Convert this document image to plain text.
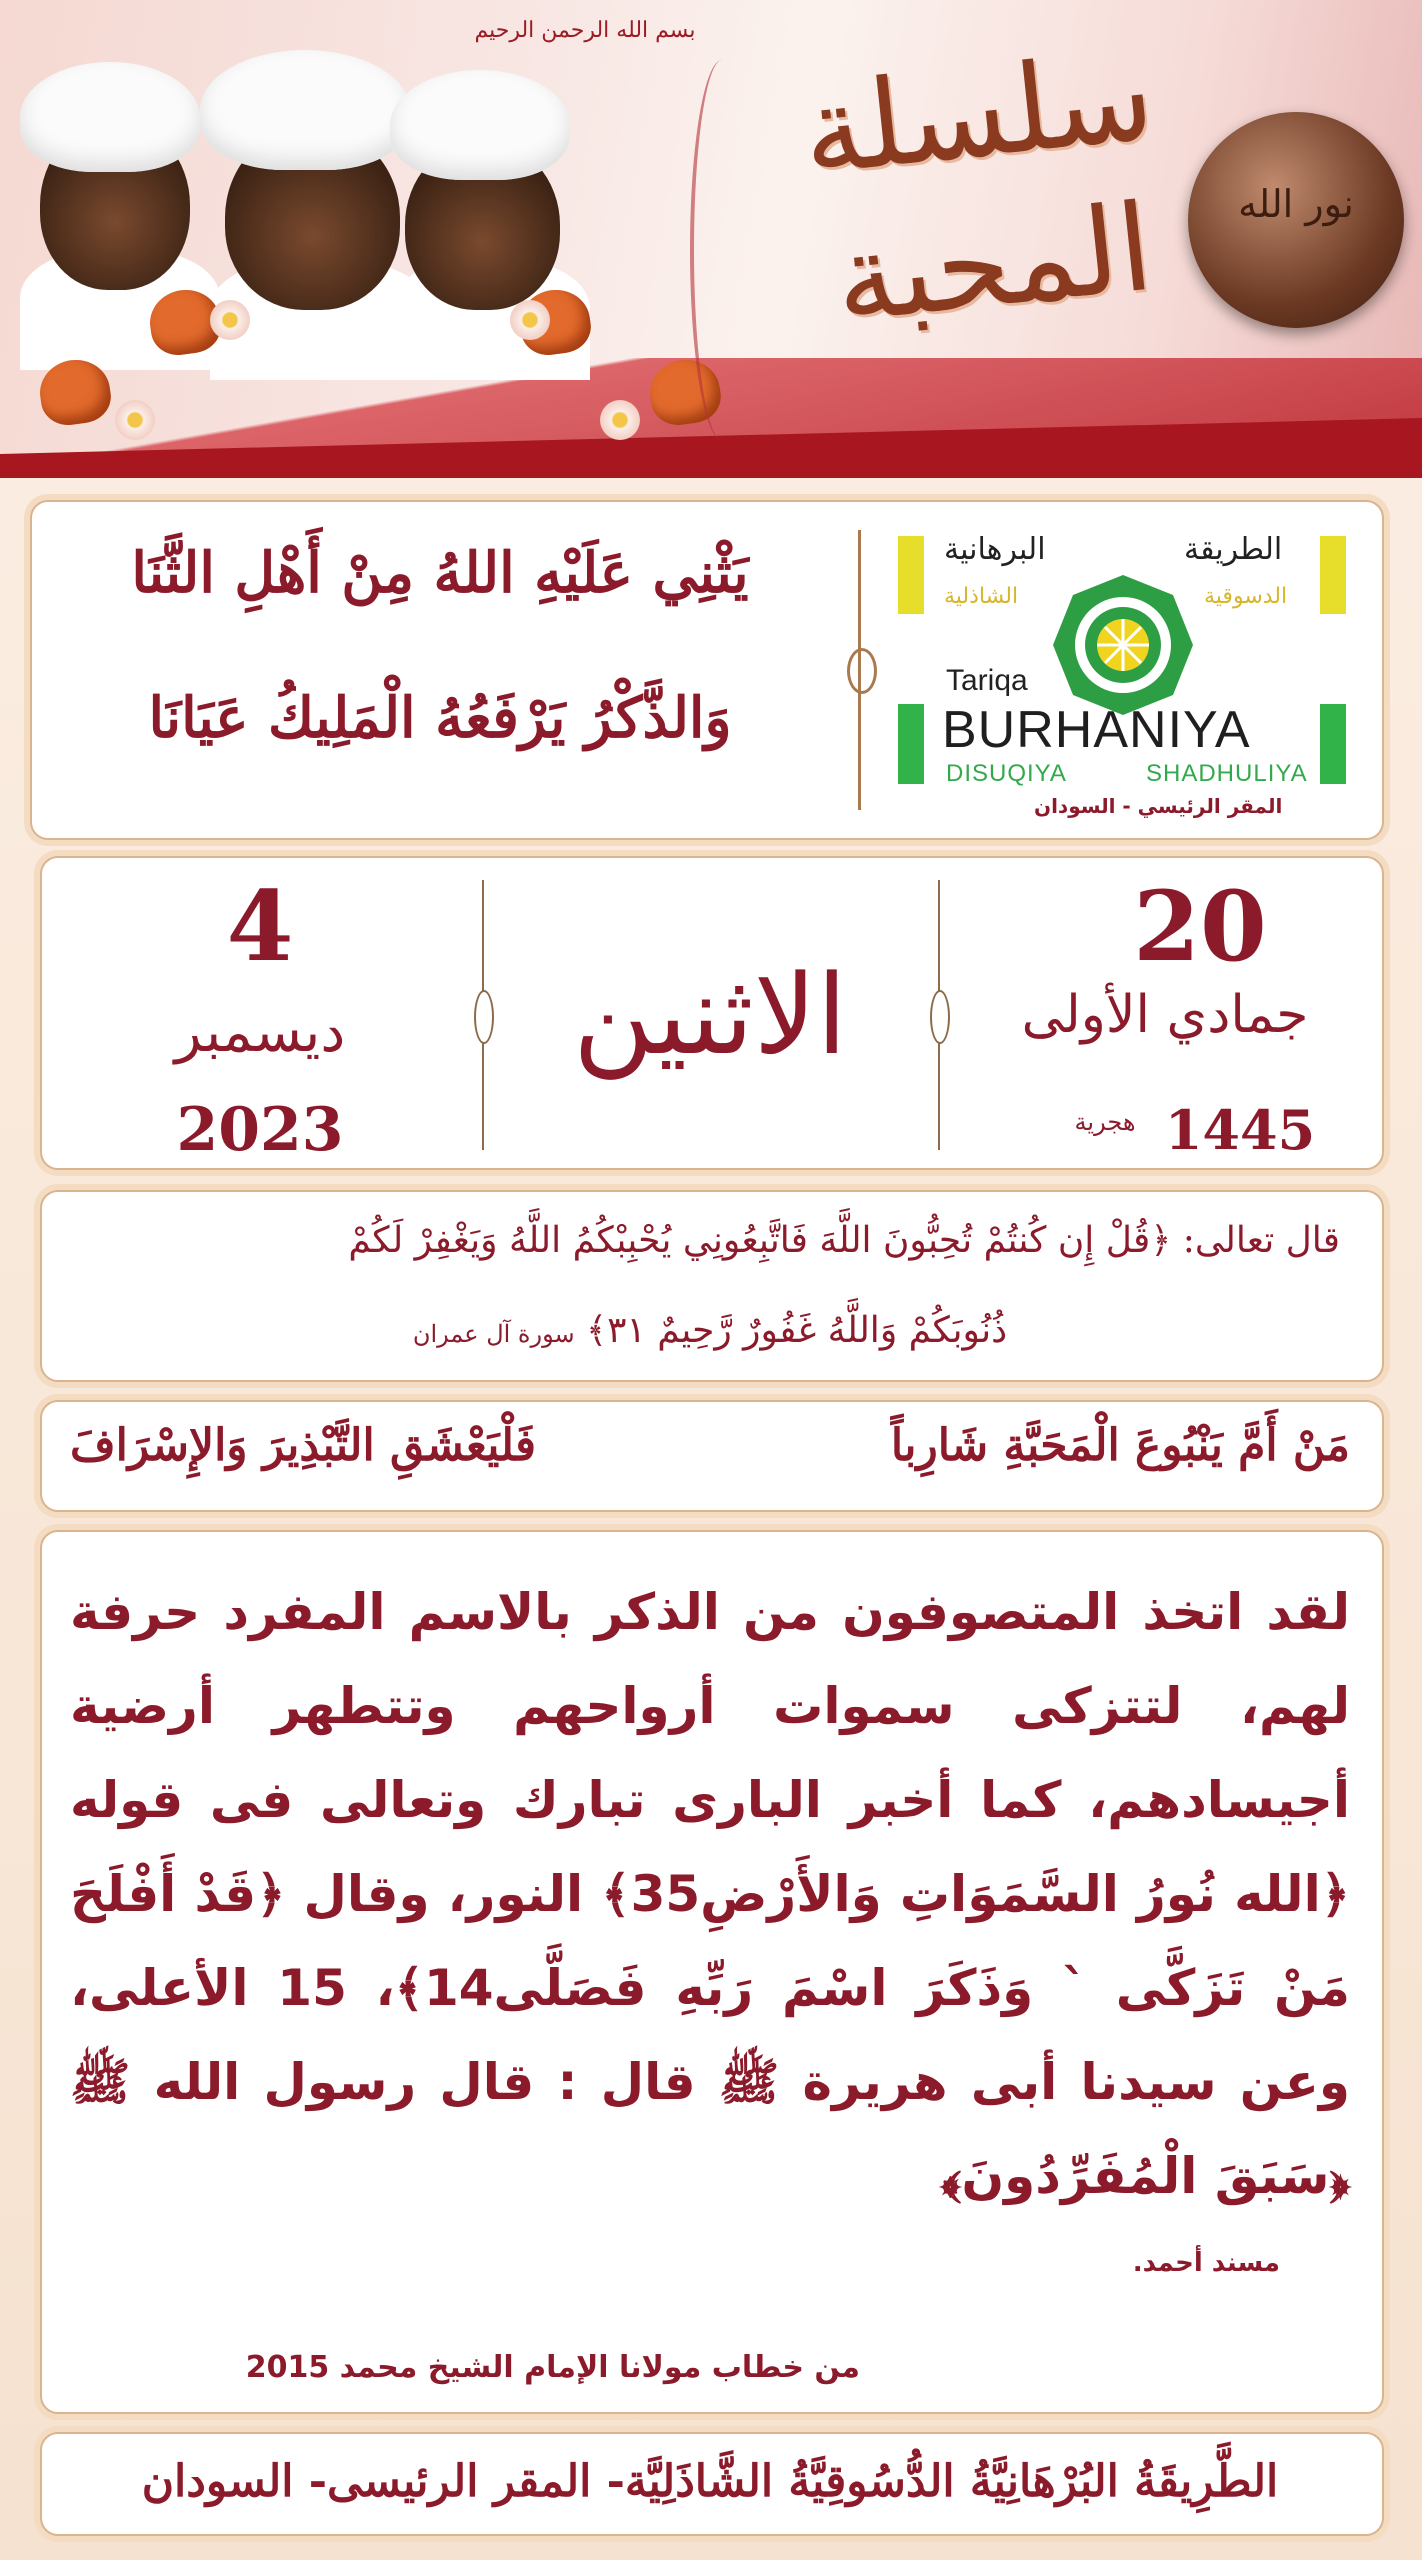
بسم الله الرحمن الرحيم سلسلة المحبة	نور الله
يَثْنِي عَلَيْهِ اللهُ مِنْ أَهْلِ الثَّنَا
وَالذَّكْرُ يَرْفَعُهُ الْمَلِيكُ عَيَانَا
البرهانية	الطريقة
الشاذلية	الدسوقية
Tariqa
BURHANIYA
DISUQIYA	SHADHULIYA
المقر الرئيسي - السودان
20
جمادي الأولى
1445
هجرية
الاثنين
4
ديسمبر
2023
قال تعالى: ﴿قُلْ إِن كُنتُمْ تُحِبُّونَ اللَّهَ فَاتَّبِعُونِي يُحْبِبْكُمُ اللَّهُ وَيَغْفِرْ لَكُمْ
ذُنُوبَكُمْ وَاللَّهُ غَفُورٌ رَّحِيمٌ ٣١﴾ سورة آل عمران
مَنْ أَمَّ يَنْبُوعَ الْمَحَبَّةِ شَارِباً
فَلْيَعْشَقِ التَّبْذِيرَ وَالإِسْرَافَ
لقد اتخذ المتصوفون من الذكر بالاسم المفرد حرفة لهم، لتتزكى سموات أرواحهم وتتطهر أرضية أجيسادهم، كما أخبر البارى تبارك وتعالى فى قوله ﴿الله نُورُ السَّمَوَاتِ وَالأَرْضِ35﴾ النور، وقال ﴿قَدْ أَفْلَحَ مَنْ تَزَكَّى ` وَذَكَرَ اسْمَ رَبِّهِ فَصَلَّى14﴾، 15 الأعلى، وعن سيدنا أبى هريرة ﷺ قال : قال رسول الله ﷺ ﴿سَبَقَ الْمُفَرِّدُونَ﴾
مسند أحمد.
من خطاب مولانا الإمام الشيخ محمد 2015
الطَّرِيقَةُ البُرْهَانِيَّةُ الدُّسُوقِيَّةُ الشَّاذَلِيَّة- المقر الرئيسى- السودان
